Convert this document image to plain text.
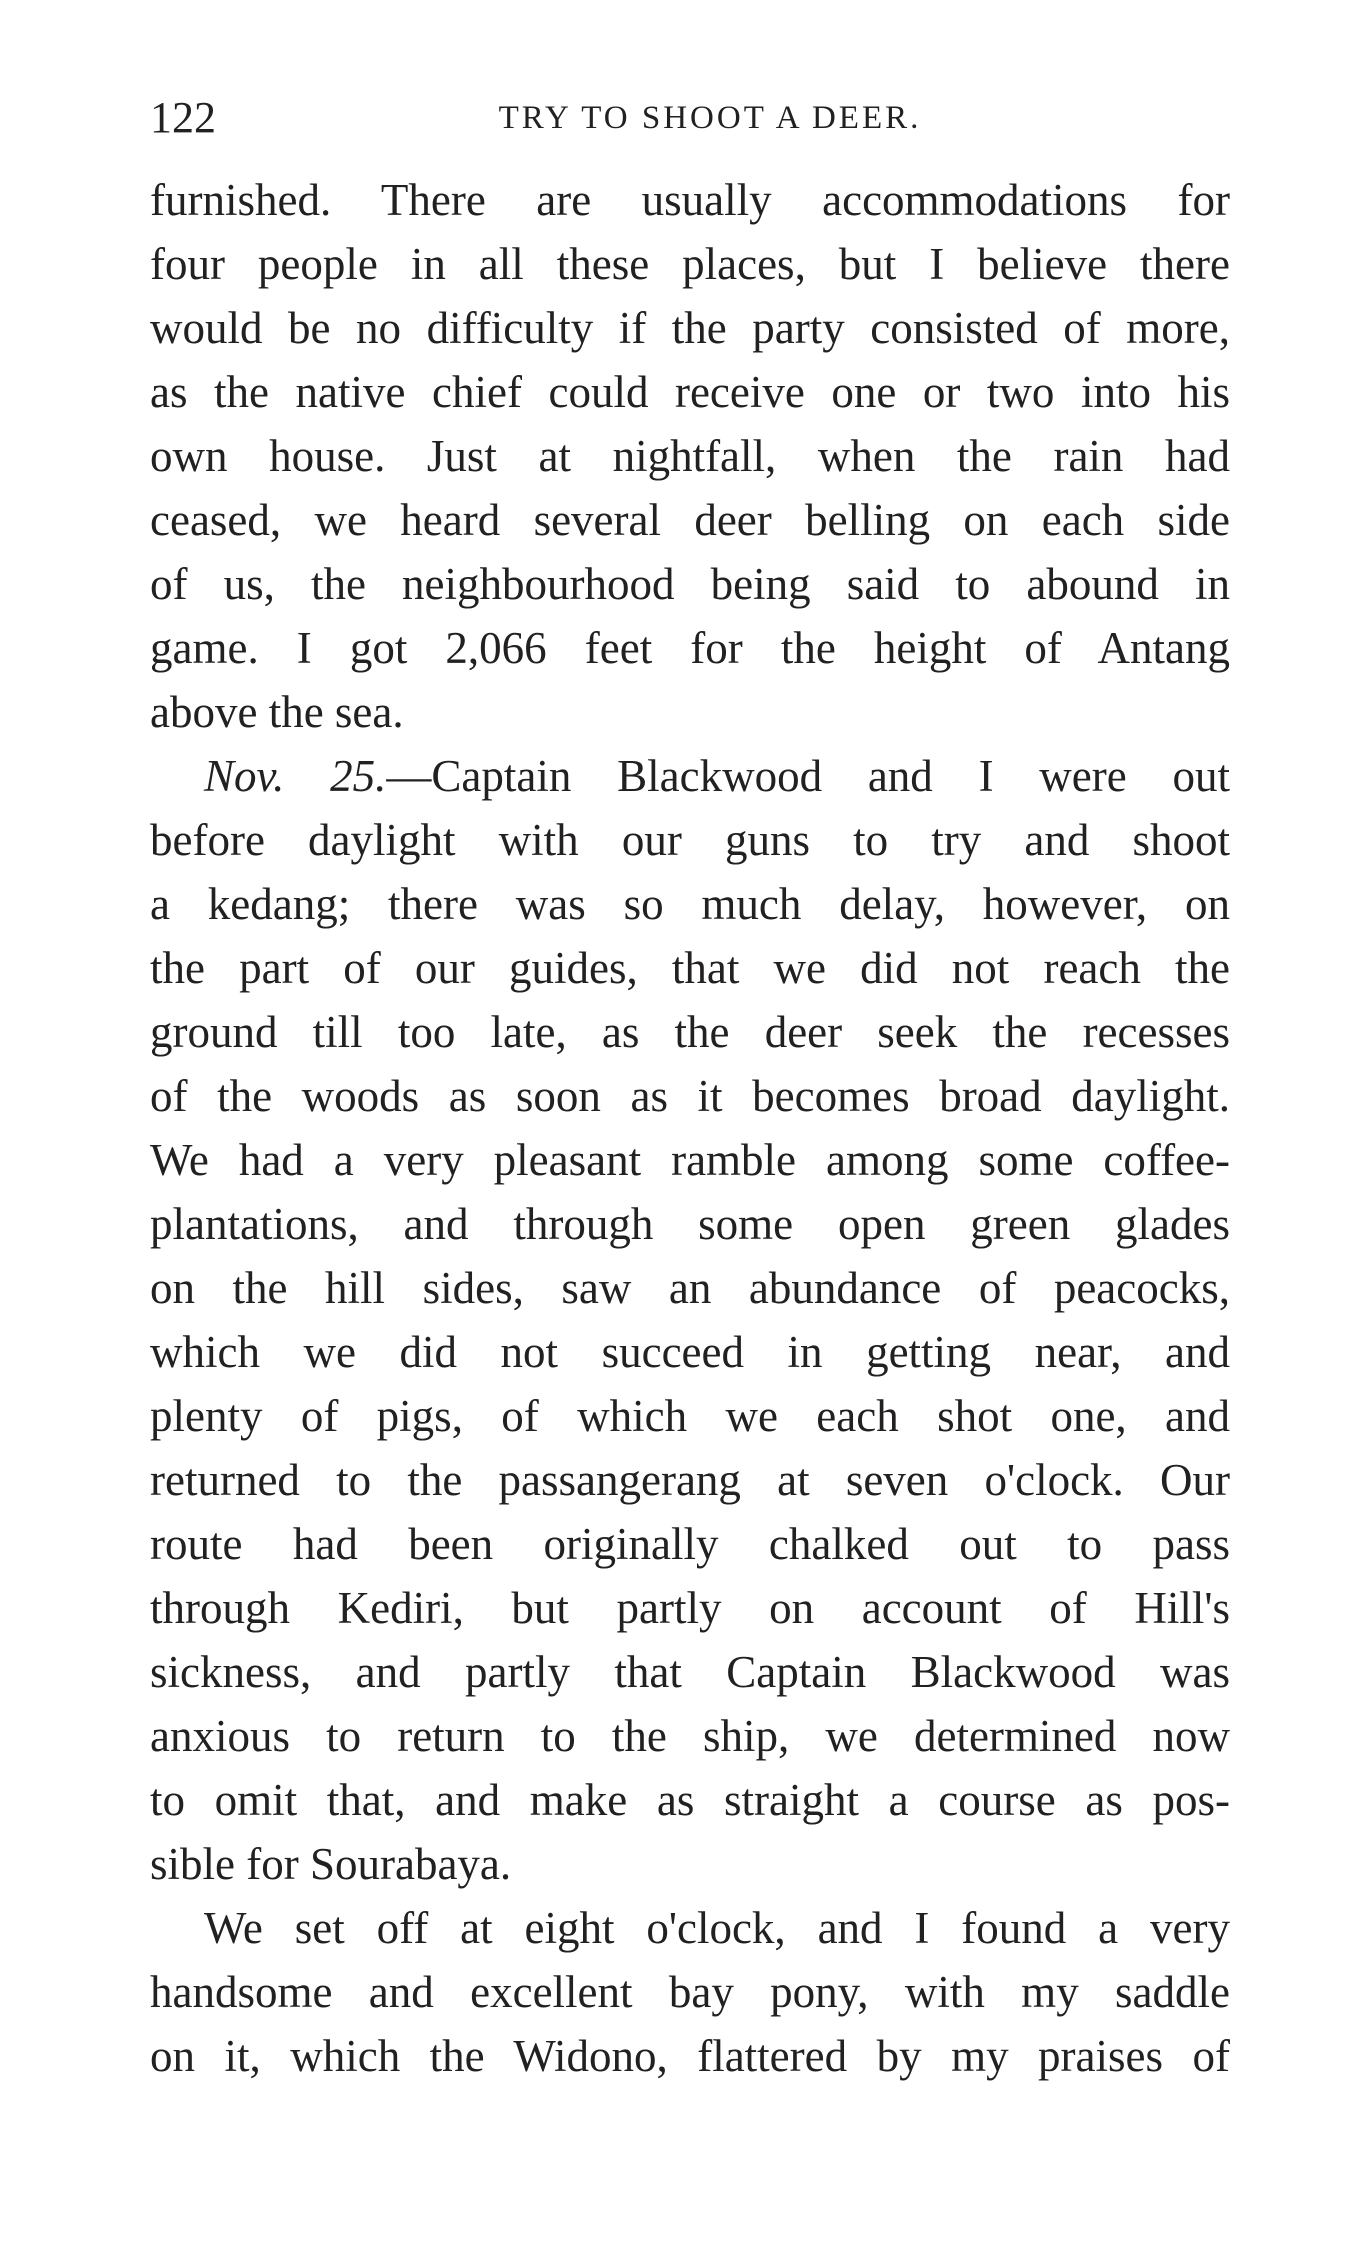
122	TRY TO SHOOT A DEER.
furnished. There are usually accommodations for
four people in all these places, but I believe there
would be no difficulty if the party consisted of more,
as the native chief could receive one or two into his
own house. Just at nightfall, when the rain had
ceased, we heard several deer belling on each side
of us, the neighbourhood being said to abound in
game. I got 2,066 feet for the height of Antang
above the sea.
Nov. 25.—Captain Blackwood and I were out
before daylight with our guns to try and shoot
a kedang; there was so much delay, however, on
the part of our guides, that we did not reach the
ground till too late, as the deer seek the recesses
of the woods as soon as it becomes broad daylight.
We had a very pleasant ramble among some coffee-
plantations, and through some open green glades
on the hill sides, saw an abundance of peacocks,
which we did not succeed in getting near, and
plenty of pigs, of which we each shot one, and
returned to the passangerang at seven o'clock. Our
route had been originally chalked out to pass
through Kediri, but partly on account of Hill's
sickness, and partly that Captain Blackwood was
anxious to return to the ship, we determined now
to omit that, and make as straight a course as pos-
sible for Sourabaya.
We set off at eight o'clock, and I found a very
handsome and excellent bay pony, with my saddle
on it, which the Widono, flattered by my praises of
